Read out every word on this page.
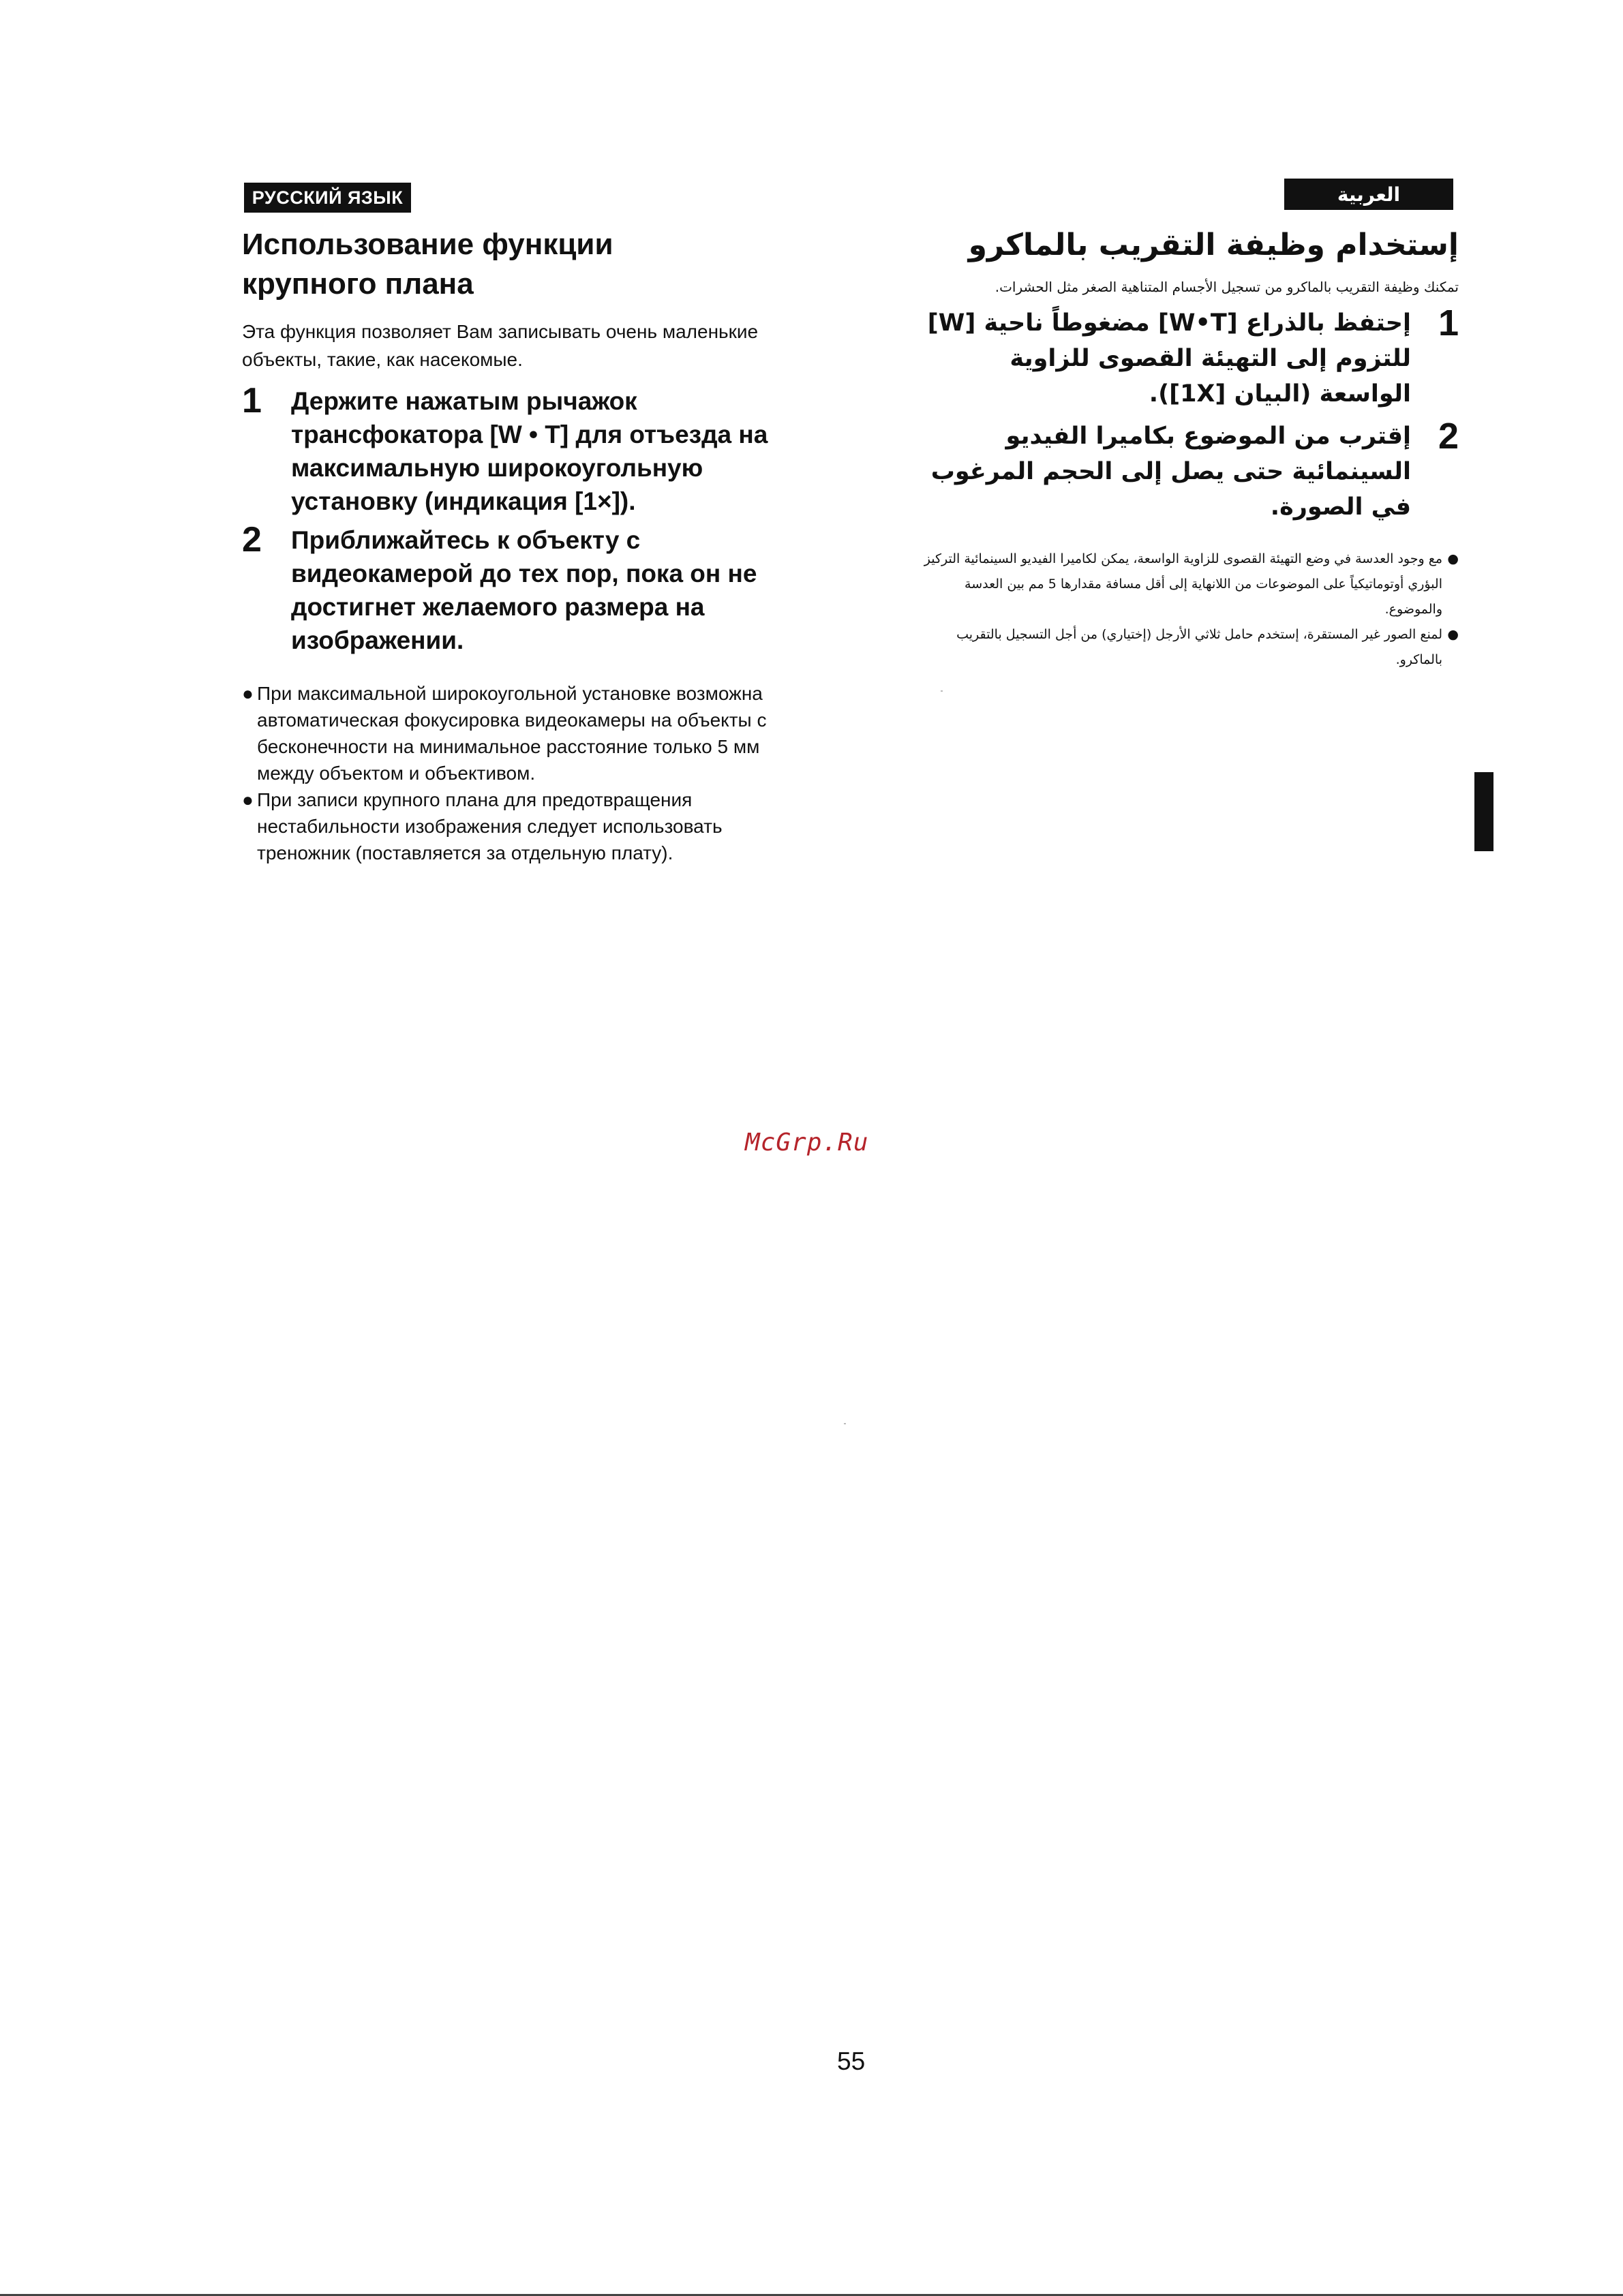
РУССКИЙ ЯЗЫК	العربية
Использование функции
крупного плана

Эта функция позволяет Вам записывать очень маленькие объекты, такие, как насекомые.

1 Держите нажатым рычажок трансфокатора [W • T] для отъезда на максимальную широкоугольную установку (индикация [1×]).
2 Приближайтесь к объекту с видеокамерой до тех пор, пока он не достигнет желаемого размера на изображении.
● При максимальной широкоугольной установке возможна автоматическая фокусировка видеокамеры на объекты с бесконечности на минимальное расстояние только 5 мм между объектом и объективом.
● При записи крупного плана для предотвращения нестабильности изображения следует использовать треножник (поставляется за отдельную плату).
إستخدام وظيفة التقريب بالماكرو

تمكنك وظيفة التقريب بالماكرو من تسجيل الأجسام المتناهية الصغر مثل الحشرات.

1
إحتفظ بالذراع [W•T] مضغوطاً ناحية [W] للتزوم إلى التهيئة القصوى للزاوية الواسعة (البيان [1X]).
2
إقترب من الموضوع بكاميرا الفيديو السينمائية حتى يصل إلى الحجم المرغوب في الصورة.
●
مع وجود العدسة في وضع التهيئة القصوى للزاوية الواسعة، يمكن لكاميرا الفيديو السينمائية التركيز البؤري أوتوماتيكياً على الموضوعات من اللانهاية إلى أقل مسافة مقدارها 5 مم بين العدسة والموضوع.
●
لمنع الصور غير المستقرة، إستخدم حامل ثلاثي الأرجل (إختياري) من أجل التسجيل بالتقريب بالماكرو.
McGrp.Ru
55
